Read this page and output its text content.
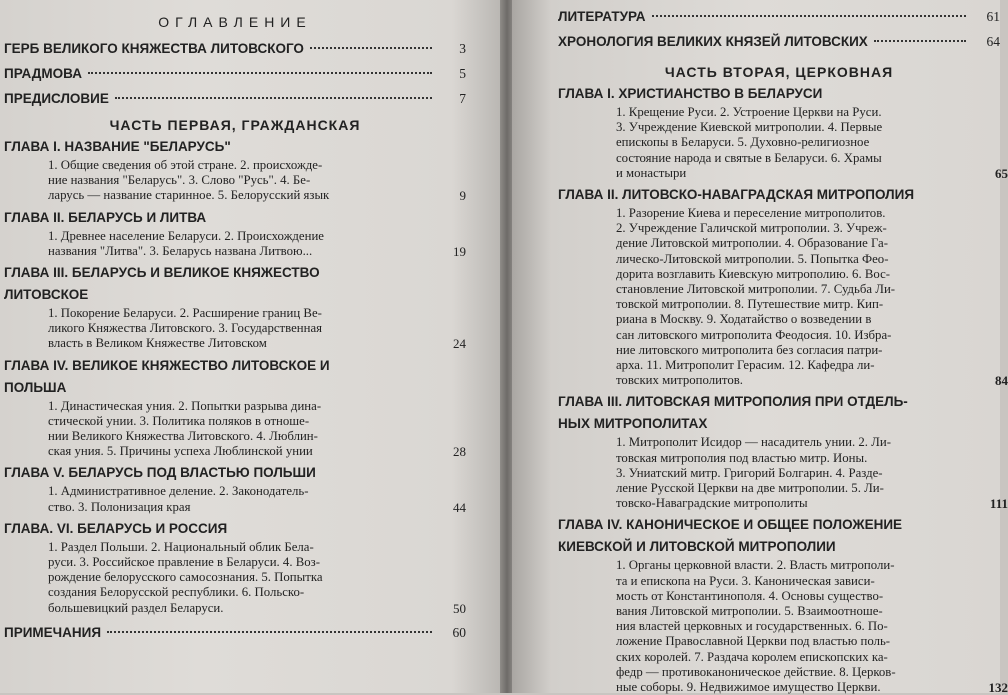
ОГЛАВЛЕНИЕ
ГЕРБ ВЕЛИКОГО КНЯЖЕСТВА ЛИТОВСКОГО	3
ПРАДМОВА	5
ПРЕДИСЛОВИЕ	7
ЧАСТЬ ПЕРВАЯ, ГРАЖДАНСКАЯ
ГЛАВА I. НАЗВАНИЕ "БЕЛАРУСЬ"
1. Общие сведения об этой стране. 2. происхожде-
ние названия "Беларусь". 3. Слово "Русь". 4. Бе-
ларусь — название старинное. 5. Белорусский язык	9
ГЛАВА II. БЕЛАРУСЬ И ЛИТВА
1. Древнее население Беларуси. 2. Происхождение
названия "Литва". 3. Беларусь названа Литвою...	19
ГЛАВА III. БЕЛАРУСЬ И ВЕЛИКОЕ КНЯЖЕСТВО
ЛИТОВСКОЕ
1. Покорение Беларуси. 2. Расширение границ Ве-
ликого Княжества Литовского. 3. Государственная
власть в Великом Княжестве Литовском	24
ГЛАВА IV. ВЕЛИКОЕ КНЯЖЕСТВО ЛИТОВСКОЕ И
ПОЛЬША
1. Династическая уния. 2. Попытки разрыва дина-
стической унии. 3. Политика поляков в отноше-
нии Великого Княжества Литовского. 4. Люблин-
ская уния. 5. Причины успеха Люблинской унии	28
ГЛАВА V. БЕЛАРУСЬ ПОД ВЛАСТЬЮ ПОЛЬШИ
1. Административное деление. 2. Законодатель-
ство. 3. Полонизация края	44
ГЛАВА. VI. БЕЛАРУСЬ И РОССИЯ
1. Раздел Польши. 2. Национальный облик Бела-
руси. 3. Российское правление в Беларуси. 4. Воз-
рождение белорусского самосознания. 5. Попытка
создания Белорусской республики. 6. Польско-
большевицкий раздел Беларуси.	50
ПРИМЕЧАНИЯ	60
ЛИТЕРАТУРА	61
ХРОНОЛОГИЯ ВЕЛИКИХ КНЯЗЕЙ ЛИТОВСКИХ	64
ЧАСТЬ ВТОРАЯ, ЦЕРКОВНАЯ
ГЛАВА I. ХРИСТИАНСТВО В БЕЛАРУСИ
1. Крещение Руси. 2. Устроение Церкви на Руси.
3. Учреждение Киевской митрополии. 4. Первые
епископы в Беларуси. 5. Духовно-религиозное
состояние народа и святые в Беларуси. 6. Храмы
и монастыри	65
ГЛАВА II. ЛИТОВСКО-НАВАГРАДСКАЯ МИТРОПОЛИЯ
1. Разорение Киева и переселение митрополитов.
2. Учреждение Галичской митрополии. 3. Учреж-
дение Литовской митрополии. 4. Образование Га-
лическо-Литовской митрополии. 5. Попытка Фео-
дорита возглавить Киевскую митрополию. 6. Вос-
становление Литовской митрополии. 7. Судьба Ли-
товской митрополии. 8. Путешествие митр. Кип-
риана в Москву. 9. Ходатайство о возведении в
сан литовского митрополита Феодосия. 10. Избра-
ние литовского митрополита без согласия патри-
арха. 11. Митрополит Герасим. 12. Кафедра ли-
товских митрополитов.	84
ГЛАВА III. ЛИТОВСКАЯ МИТРОПОЛИЯ ПРИ ОТДЕЛЬ-
НЫХ МИТРОПОЛИТАХ
1. Митрополит Исидор — насадитель унии. 2. Ли-
товская митрополия под властью митр. Ионы.
3. Униатский митр. Григорий Болгарин. 4. Разде-
ление Русской Церкви на две митрополии. 5. Ли-
товско-Наваградские митрополиты	111
ГЛАВА IV. КАНОНИЧЕСКОЕ И ОБЩЕЕ ПОЛОЖЕНИЕ
КИЕВСКОЙ И ЛИТОВСКОЙ МИТРОПОЛИИ
1. Органы церковной власти. 2. Власть митрополи-
та и епископа на Руси. 3. Каноническая зависи-
мость от Константинополя. 4. Основы существо-
вания Литовской митрополии. 5. Взаимоотноше-
ния властей церковных и государственных. 6. По-
ложение Православной Церкви под властью поль-
ских королей. 7. Раздача королем епископских ка-
федр — противоканоническое действие. 8. Церков-
ные соборы. 9. Недвижимое имущество Церкви.	132
